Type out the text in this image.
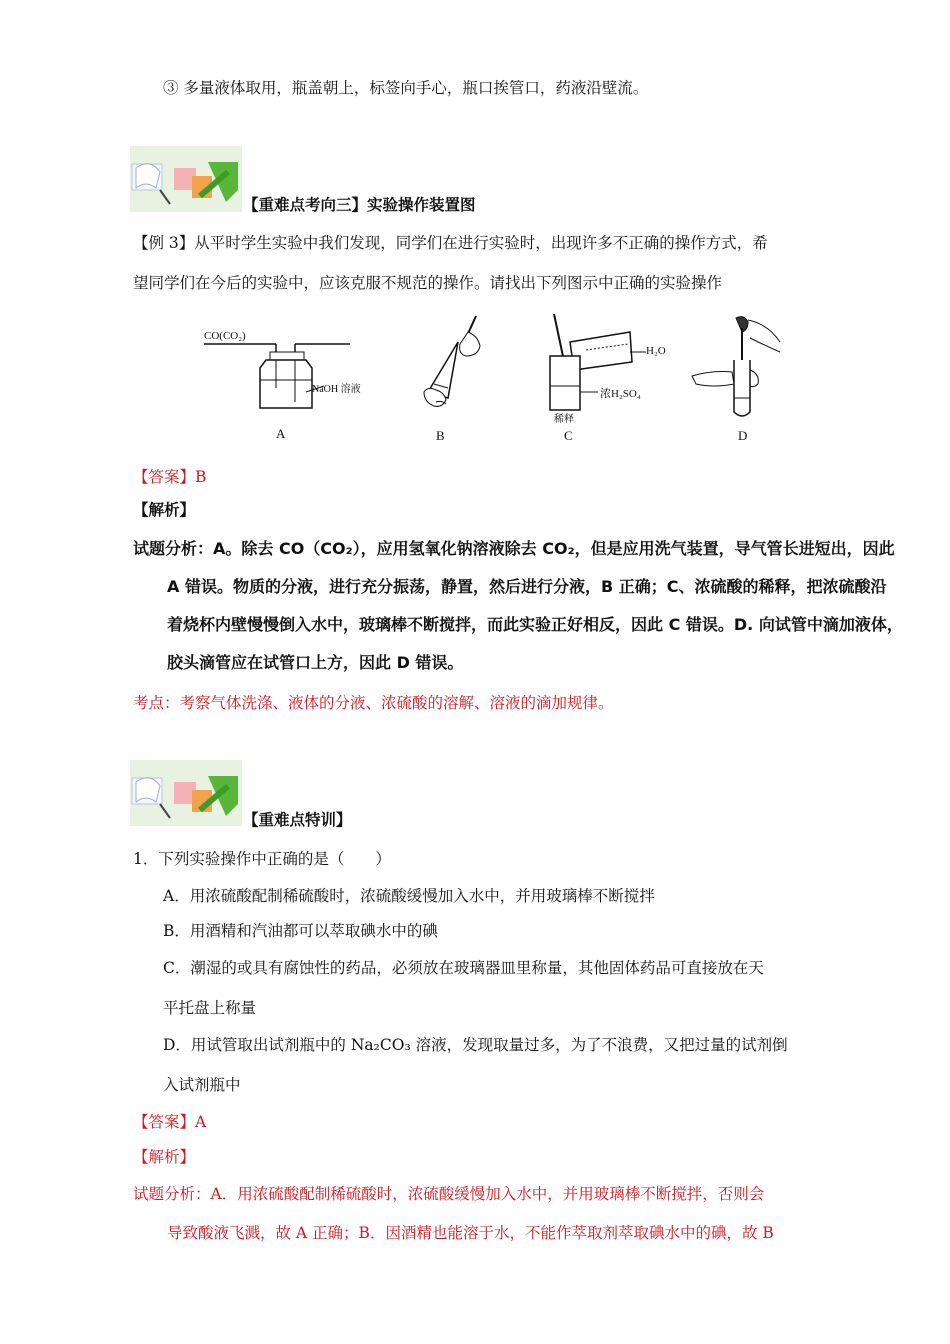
③ 多量液体取用，瓶盖朝上，标签向手心，瓶口挨管口，药液沿壁流。
【重难点考向三】实验操作装置图
【例 3】从平时学生实验中我们发现，同学们在进行实验时，出现许多不正确的操作方式，希
望同学们在今后的实验中，应该克服不规范的操作。请找出下列图示中正确的实验操作
CO(CO₂)
NaOH 溶液
A	B
H₂O
浓H₂SO₄
稀释
C	D
【答案】B
【解析】
试题分析：A。除去 CO（CO₂），应用氢氧化钠溶液除去 CO₂，但是应用洗气装置，导气管长进短出，因此
A 错误。物质的分液，进行充分振荡，静置，然后进行分液，B 正确；C、浓硫酸的稀释，把浓硫酸沿
着烧杯内壁慢慢倒入水中，玻璃棒不断搅拌，而此实验正好相反，因此 C 错误。D. 向试管中滴加液体，
胶头滴管应在试管口上方，因此 D 错误。
考点：考察气体洗涤、液体的分液、浓硫酸的溶解、溶液的滴加规律。
【重难点特训】
1．下列实验操作中正确的是（　　）
A．用浓硫酸配制稀硫酸时，浓硫酸缓慢加入水中，并用玻璃棒不断搅拌
B．用酒精和汽油都可以萃取碘水中的碘
C．潮湿的或具有腐蚀性的药品，必须放在玻璃器皿里称量，其他固体药品可直接放在天
平托盘上称量
D．用试管取出试剂瓶中的 Na₂CO₃ 溶液，发现取量过多，为了不浪费，又把过量的试剂倒
入试剂瓶中
【答案】A
【解析】
试题分析：A．用浓硫酸配制稀硫酸时，浓硫酸缓慢加入水中，并用玻璃棒不断搅拌，否则会
导致酸液飞溅，故 A 正确；B．因酒精也能溶于水，不能作萃取剂萃取碘水中的碘，故 B
